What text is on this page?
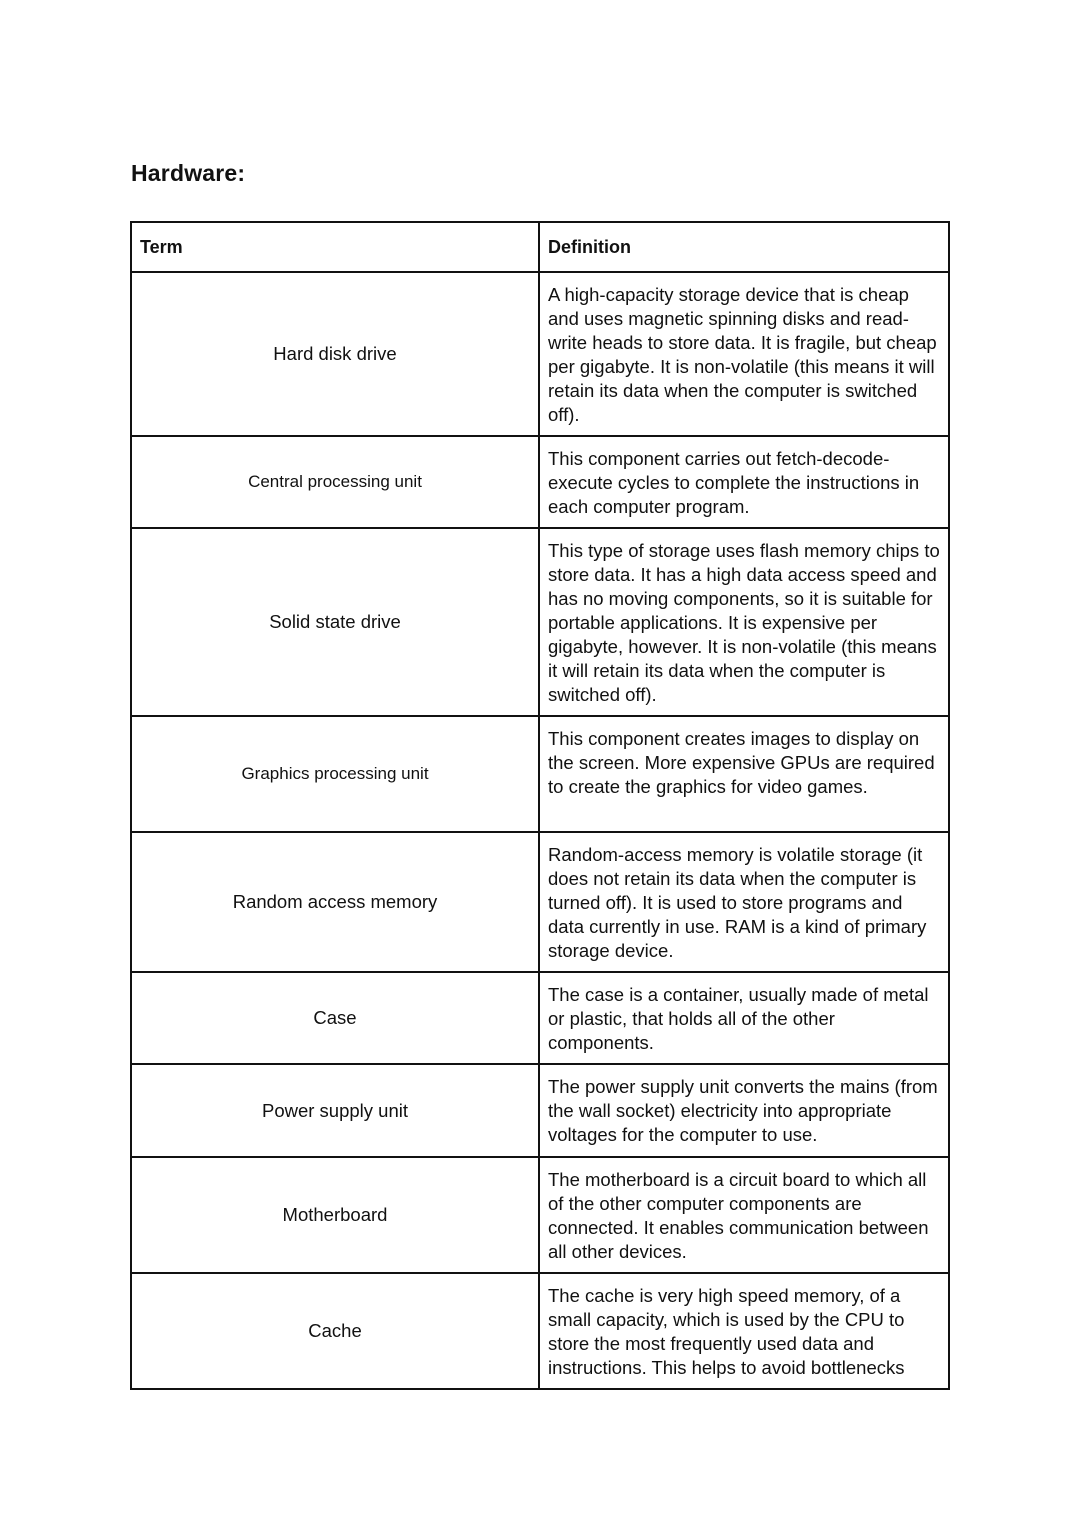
Hardware:
Term	Definition
Hard disk drive	A high-capacity storage device that is cheap and uses magnetic spinning disks and read-write heads to store data. It is fragile, but cheap per gigabyte. It is non-volatile (this means it will retain its data when the computer is switched off).
Central processing unit	This component carries out fetch-decode-execute cycles to complete the instructions in each computer program.
Solid state drive	This type of storage uses flash memory chips to store data. It has a high data access speed and has no moving components, so it is suitable for portable applications. It is expensive per gigabyte, however. It is non-volatile (this means it will retain its data when the computer is switched off).
Graphics processing unit	This component creates images to display on the screen. More expensive GPUs are required to create the graphics for video games.
Random access memory	Random-access memory is volatile storage (it does not retain its data when the computer is turned off). It is used to store programs and data currently in use. RAM is a kind of primary storage device.
Case	The case is a container, usually made of metal or plastic, that holds all of the other components.
Power supply unit	The power supply unit converts the mains (from the wall socket) electricity into appropriate voltages for the computer to use.
Motherboard	The motherboard is a circuit board to which all of the other computer components are connected. It enables communication between all other devices.
Cache	The cache is very high speed memory, of a small capacity, which is used by the CPU to store the most frequently used data and instructions. This helps to avoid bottlenecks
